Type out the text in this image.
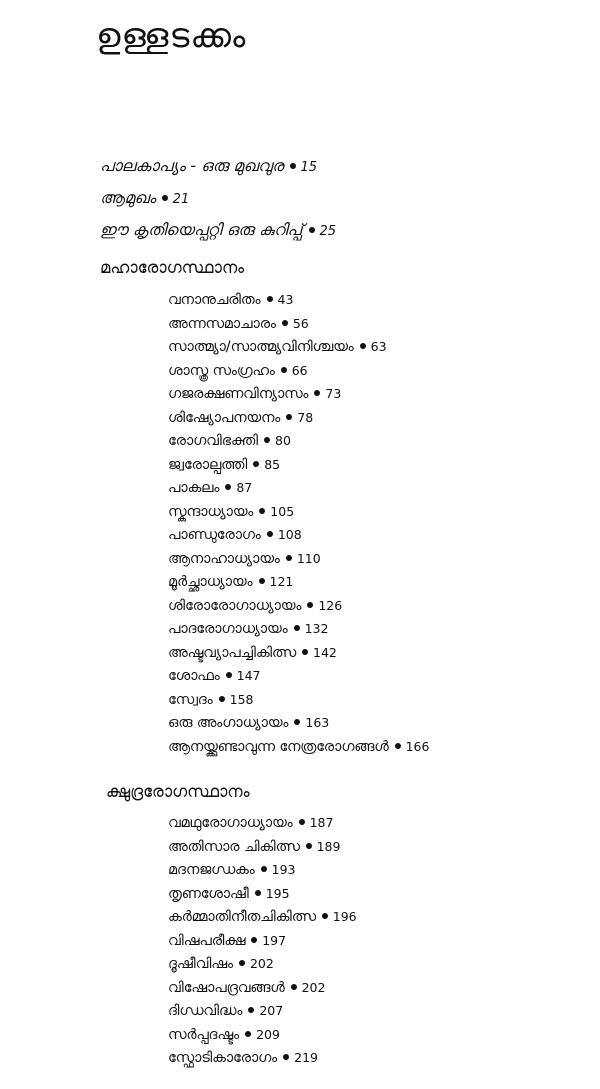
ഉള്ളടക്കം
പാലകാപ്യം - ഒരു മുഖവുര 15
ആമുഖം 21
ഈ കൃതിയെപ്പറ്റി ഒരു കുറിപ്പ് 25
മഹാരോഗസ്ഥാനം
വനാനുചരിതം 43
അന്നസമാചാരം 56
സാത്മ്യാ/സാത്മ്യവിനിശ്ചയം 63
ശാസ്ത്ര സംഗ്രഹം 66
ഗജരക്ഷണവിന്യാസം 73
ശിഷ്യോപനയനം 78
രോഗവിഭക്തി 80
ജ്വരോല്പത്തി 85
പാകലം 87
സ്കന്ദാധ്യായം 105
പാണ്ഡുരോഗം 108
ആനാഹാധ്യായം 110
മൂർച്ഛാധ്യായം 121
ശിരോരോഗാധ്യായം 126
പാദരോഗാധ്യായം 132
അഷ്ടവ്യാപച്ചികിത്സ 142
ശോഫം 147
സ്വേദം 158
ഒരു അംഗാധ്യായം 163
ആനയ്ക്കുണ്ടാവുന്ന നേത്രരോഗങ്ങൾ 166
ക്ഷുദ്രരോഗസ്ഥാനം
വമഥുരോഗാധ്യായം 187
അതിസാര ചികിത്സ 189
മദനജഗ്ധകം 193
തൃണശോഷീ 195
കർമ്മാതിനീതചികിത്സ 196
വിഷപരീക്ഷ 197
ദൂഷീവിഷം 202
വിഷോപദ്രവങ്ങൾ 202
ദിഗ്ധവിദ്ധം 207
സർപ്പദഷ്ടം 209
സ്ഫോടികാരോഗം 219
